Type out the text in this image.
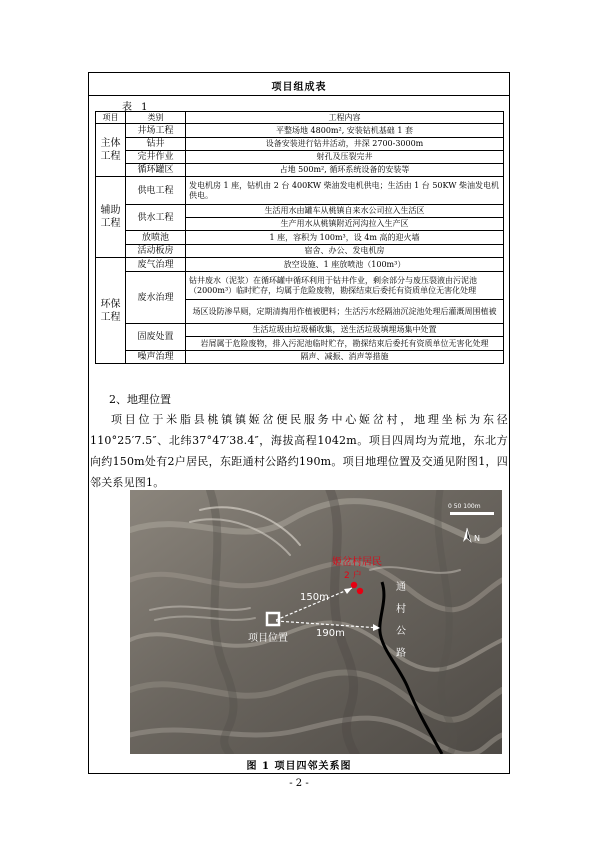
项目组成表
表 1
项目	类别	工程内容
主体工程	井场工程	平整场地 4800m², 安装钻机基础 1 套
	钻井	设备安装进行钻井活动，井深 2700-3000m
	完井作业	射孔及压裂完井
	循环罐区	占地 500m², 循环系统设备的安装等
辅助工程	供电工程	发电机房 1 座，钻机由 2 台 400KW 柴油发电机供电；生活由 1 台 50KW 柴油发电机供电。
	供水工程	生活用水由罐车从桃镇自来水公司拉入生活区
		生产用水从桃镇附近河沟拉入生产区
	放喷池	1 座，容积为 100m³，设 4m 高的迎火墙
	活动板房	宿舍、办公、发电机房
环保工程	废气治理	放空设施、1 座放喷池（100m³）
	废水治理	钻井废水（泥浆）在循环罐中循环利用于钻井作业，剩余部分与废压裂液由污泥池（2000m³）临时贮存，均属于危险废物，勘探结束后委托有资质单位无害化处理
		场区设防渗旱厕，定期清掏用作植被肥料；生活污水经隔油沉淀池处理后灌溉周围植被
	固废处置	生活垃圾由垃圾桶收集，送生活垃圾填埋场集中处置
		岩屑属于危险废物，排入污泥池临时贮存，勘探结束后委托有资质单位无害化处理
	噪声治理	隔声、减振、消声等措施
2、地理位置
项目位于米脂县桃镇镇姬岔便民服务中心姬岔村，地理坐标为东径110°25′7.5″、北纬37°47′38.4″，海拔高程1042m。项目四周均为荒地，东北方向约150m处有2户居民，东距通村公路约190m。项目地理位置及交通见附图1，四邻关系见图1。
姬岔村居民
2 户
150m
190m
项目位置
通
村
公
路
N
0 50 100m
图 1 项目四邻关系图
- 2 -
